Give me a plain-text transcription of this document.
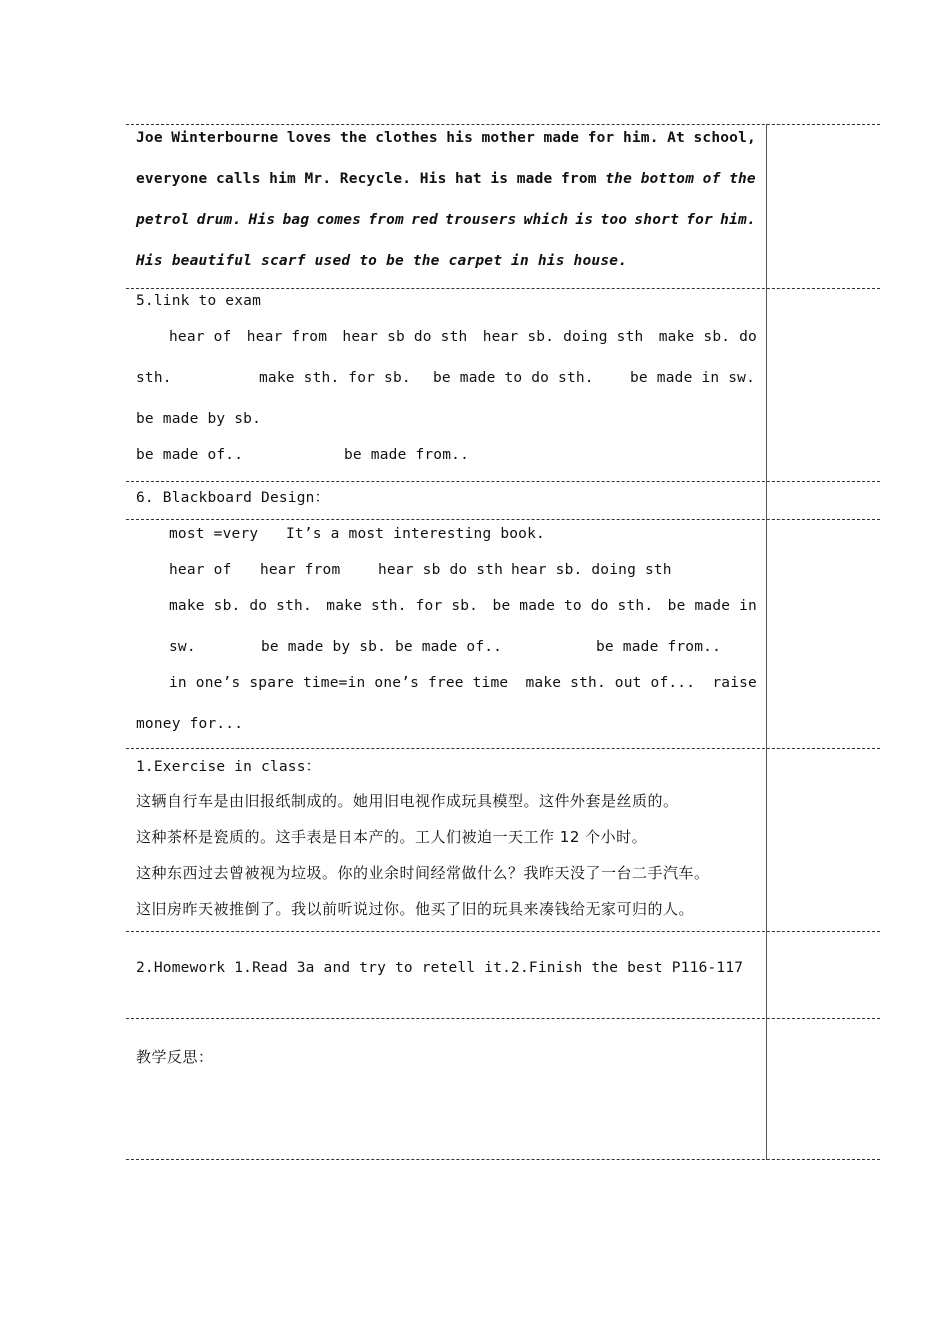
Joe Winterbourne loves the clothes his mother made for him. At school,
everyone calls him Mr. Recycle. His hat is made from the bottom of the
petrol drum. His bag comes from red trousers which is too short for him.
His beautiful scarf used to be the carpet in his house.
5.link to exam
hear of hear from hear sb do sth hear sb. doing sth make sb. do
sth.	make sth. for sb. be made to do sth.	be made in sw.
be made by sb.
be made of..	be made from..
6. Blackboard Design：
most =very It’s a most interesting book.
hear of hear from	hear sb do sth hear sb. doing sth
make sb. do sth. make sth. for sb. be made to do sth. be made in
sw.	be made by sb. be made of..	be made from..
in one’s spare time=in one’s free time make sth. out of... raise
money for...
1.Exercise in class：
这辆自行车是由旧报纸制成的。她用旧电视作成玩具模型。这件外套是丝质的。
这种茶杯是瓷质的。这手表是日本产的。工人们被迫一天工作 12 个小时。
这种东西过去曾被视为垃圾。你的业余时间经常做什么？我昨天没了一台二手汽车。
这旧房昨天被推倒了。我以前听说过你。他买了旧的玩具来凑钱给无家可归的人。
2.Homework 1.Read 3a and try to retell it.2.Finish the best P116-117
教学反思：
